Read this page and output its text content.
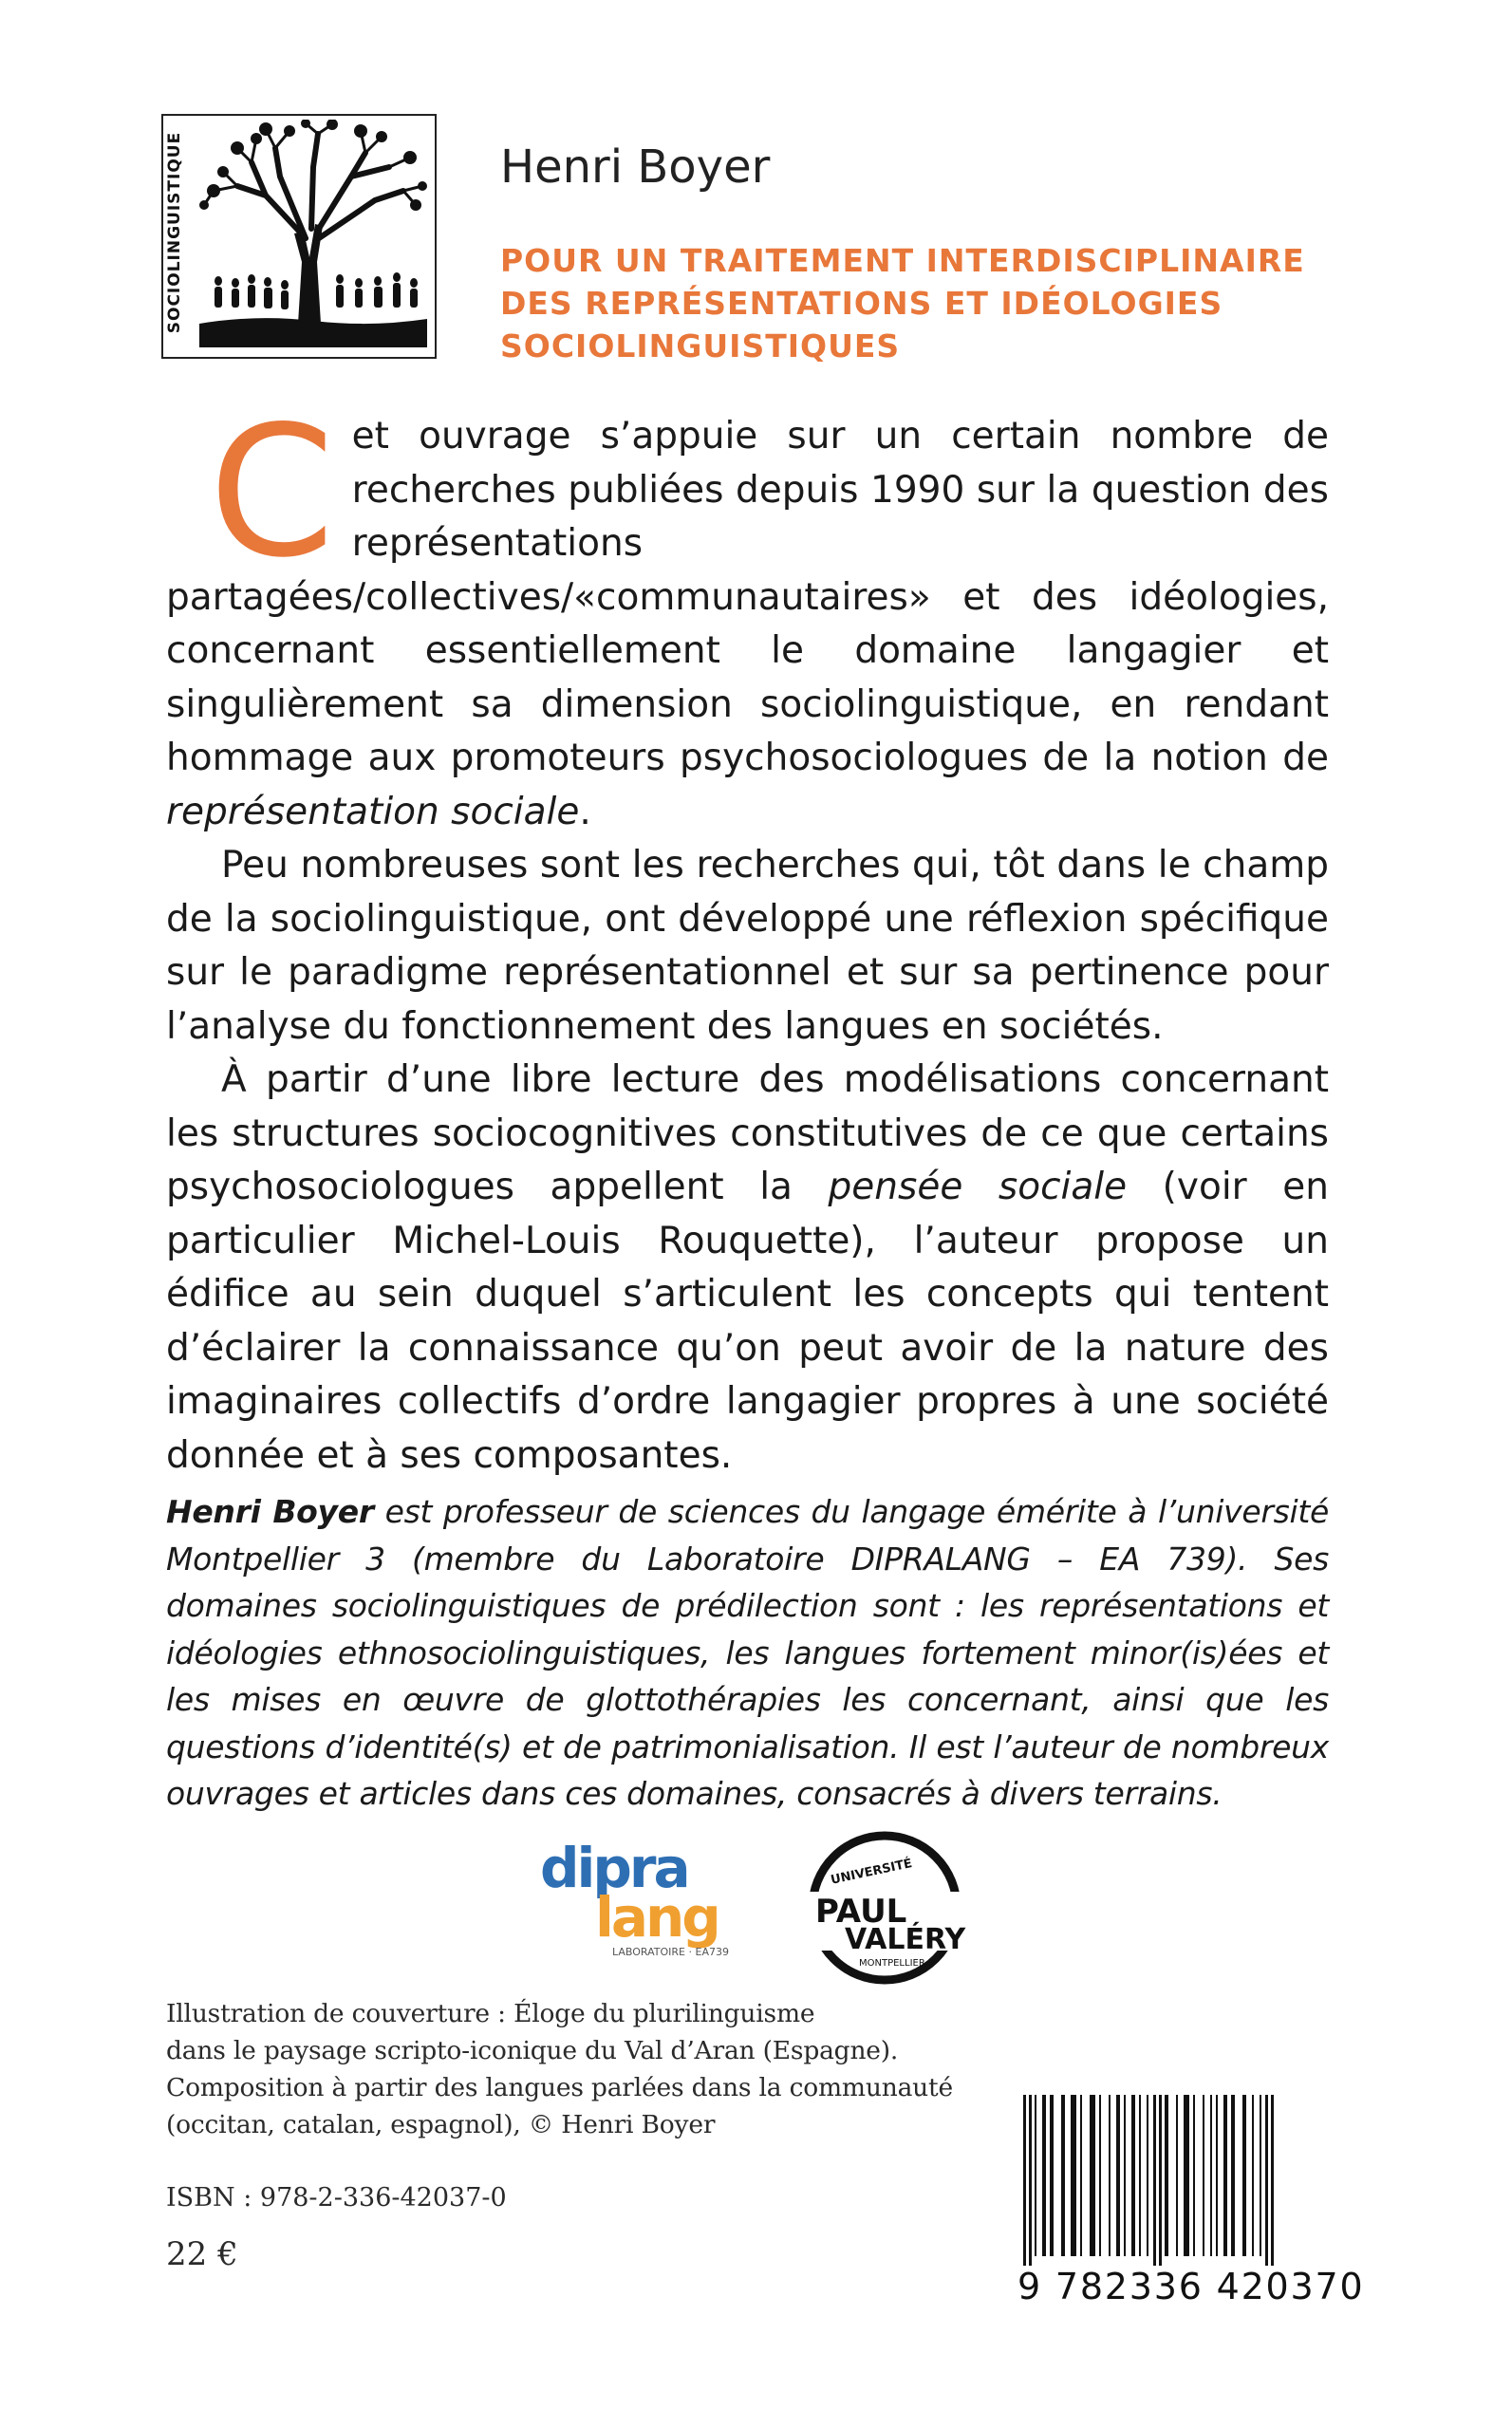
SOCIOLINGUISTIQUE	Henri Boyer
POUR UN TRAITEMENT INTERDISCIPLINAIRE
DES REPRÉSENTATIONS ET IDÉOLOGIES
SOCIOLINGUISTIQUES

Cet ouvrage s’appuie sur un certain nombre de recherches publiées depuis 1990 sur la question des représentations partagées/collectives/«communautaires» et des idéologies, concernant essentiellement le domaine langagier et singulièrement sa dimension sociolinguistique, en rendant hommage aux promoteurs psychosociologues de la notion de représentation sociale.

Peu nombreuses sont les recherches qui, tôt dans le champ de la sociolinguistique, ont développé une réflexion spécifique sur le paradigme représentationnel et sur sa pertinence pour l’analyse du fonctionnement des langues en sociétés.

À partir d’une libre lecture des modélisations concernant les structures sociocognitives constitutives de ce que certains psychosociologues appellent la pensée sociale (voir en particulier Michel-Louis Rouquette), l’auteur propose un édifice au sein duquel s’articulent les concepts qui tentent d’éclairer la connaissance qu’on peut avoir de la nature des imaginaires collectifs d’ordre langagier propres à une société donnée et à ses composantes.

Henri Boyer est professeur de sciences du langage émérite à l’université Montpellier 3 (membre du Laboratoire DIPRALANG – EA 739). Ses domaines sociolinguistiques de prédilection sont : les représentations et idéologies ethnosociolinguistiques, les langues fortement minor(is)ées et les mises en œuvre de glottothérapies les concernant, ainsi que les questions d’identité(s) et de patrimonialisation. Il est l’auteur de nombreux ouvrages et articles dans ces domaines, consacrés à divers terrains.
dipra
lang
LABORATOIRE · EA739
UNIVERSITÉ
PAUL
VALÉRY
MONTPELLIER 3
Illustration de couverture : Éloge du plurilinguisme
dans le paysage scripto-iconique du Val d’Aran (Espagne).
Composition à partir des langues parlées dans la communauté
(occitan, catalan, espagnol), © Henri Boyer
ISBN : 978-2-336-42037-0
22 €
9 782336 420370
